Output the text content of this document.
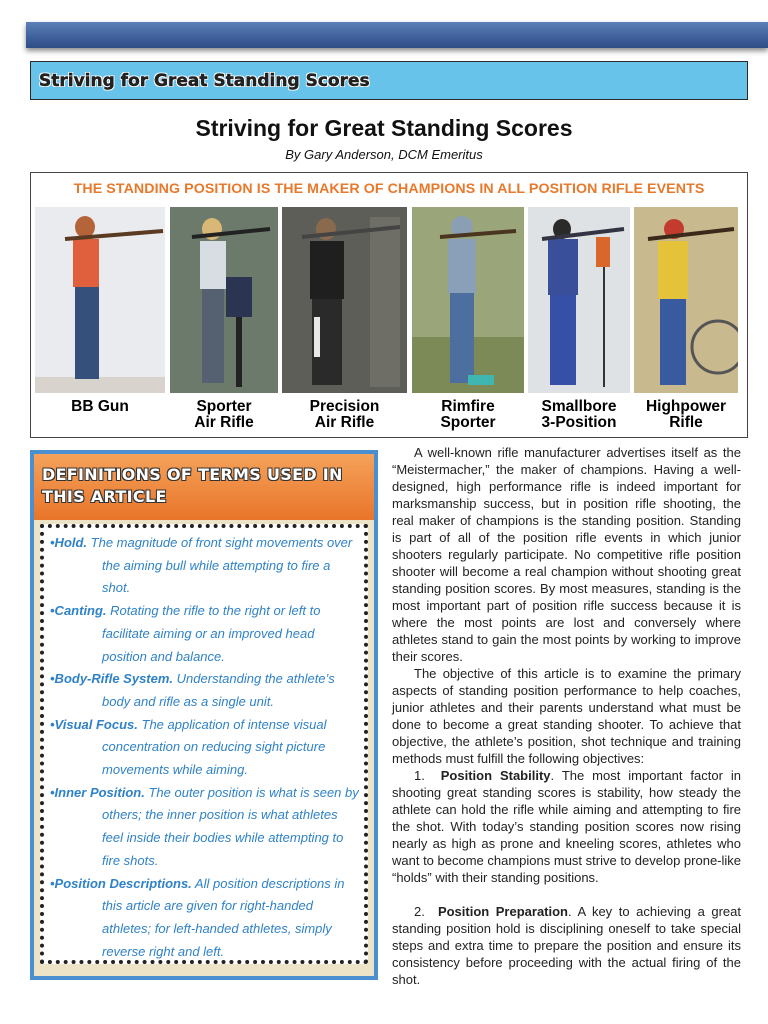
Striving for Great Standing Scores
Striving for Great Standing Scores
By Gary Anderson, DCM Emeritus
THE STANDING POSITION IS THE MAKER OF CHAMPIONS IN ALL POSITION RIFLE EVENTS
BB Gun	Sporter
Air Rifle
Precision
Air Rifle
Rimfire
Sporter
Smallbore
3-Position
Highpower
Rifle
DEFINITIONS OF TERMS USED IN THIS ARTICLE
•Hold. The magnitude of front sight movements over the aiming bull while attempting to fire a shot.
•Canting. Rotating the rifle to the right or left to facilitate aiming or an improved head position and balance.
•Body-Rifle System. Understanding the athlete’s body and rifle as a single unit.
•Visual Focus. The application of intense visual concentration on reducing sight picture movements while aiming.
•Inner Position. The outer position is what is seen by others; the inner position is what athletes feel inside their bodies while attempting to fire shots.
•Position Descriptions. All position descriptions in this article are given for right-handed athletes; for left-handed athletes, simply reverse right and left.

A well-known rifle manufacturer advertises itself as the “Meistermacher,” the maker of champions. Having a well-designed, high performance rifle is indeed important for marksmanship success, but in position rifle shooting, the real maker of champions is the standing position. Standing is part of all of the position rifle events in which junior shooters regularly participate. No competitive rifle position shooter will become a real champion without shooting great standing position scores. By most measures, standing is the most important part of position rifle success because it is where the most points are lost and conversely where athletes stand to gain the most points by working to improve their scores.

The objective of this article is to examine the primary aspects of standing position performance to help coaches, junior athletes and their parents understand what must be done to become a great standing shooter. To achieve that objective, the athlete’s position, shot technique and training methods must fulfill the following objectives:

1. Position Stability. The most important factor in shooting great standing scores is stability, how steady the athlete can hold the rifle while aiming and attempting to fire the shot. With today’s standing position scores now rising nearly as high as prone and kneeling scores, athletes who want to become champions must strive to develop prone-like “holds” with their standing positions.

2. Position Preparation. A key to achieving a great standing position hold is disciplining oneself to take special steps and extra time to prepare the position and ensure its consistency before proceeding with the actual firing of the shot.
